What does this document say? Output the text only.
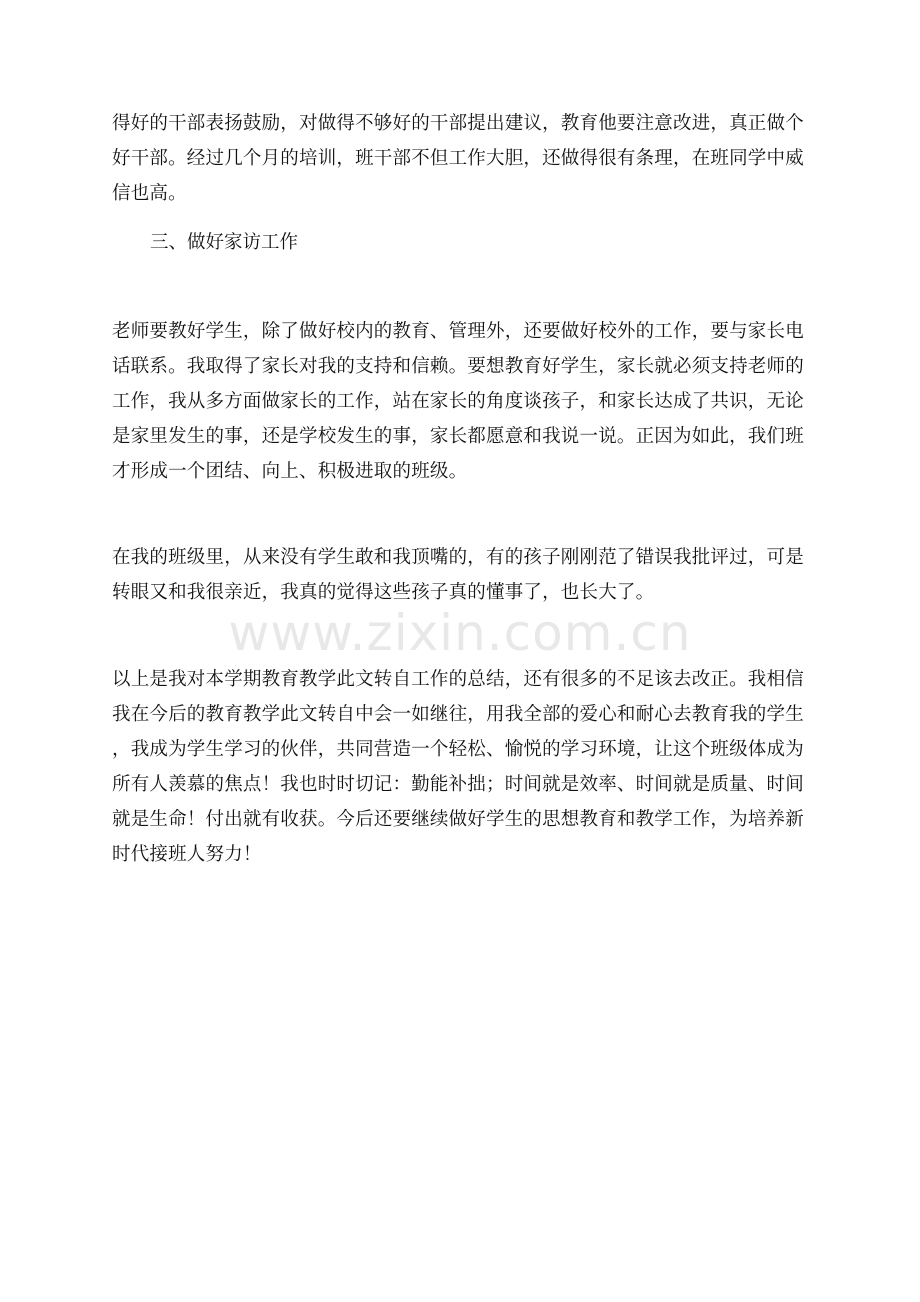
得好的干部表扬鼓励，对做得不够好的干部提出建议，教育他要注意改进，真正做个
好干部。经过几个月的培训，班干部不但工作大胆，还做得很有条理，在班同学中威
信也高。

三、做好家访工作

老师要教好学生，除了做好校内的教育、管理外，还要做好校外的工作，要与家长电
话联系。我取得了家长对我的支持和信赖。要想教育好学生，家长就必须支持老师的
工作，我从多方面做家长的工作，站在家长的角度谈孩子，和家长达成了共识，无论
是家里发生的事，还是学校发生的事，家长都愿意和我说一说。正因为如此，我们班
才形成一个团结、向上、积极进取的班级。

在我的班级里，从来没有学生敢和我顶嘴的，有的孩子刚刚范了错误我批评过，可是
转眼又和我很亲近，我真的觉得这些孩子真的懂事了，也长大了。

www.zixin.com.cn

以上是我对本学期教育教学此文转自工作的总结，还有很多的不足该去改正。我相信
我在今后的教育教学此文转自中会一如继往，用我全部的爱心和耐心去教育我的学生
，我成为学生学习的伙伴，共同营造一个轻松、愉悦的学习环境，让这个班级体成为
所有人羡慕的焦点！我也时时切记：勤能补拙；时间就是效率、时间就是质量、时间
就是生命！付出就有收获。今后还要继续做好学生的思想教育和教学工作，为培养新
时代接班人努力！
